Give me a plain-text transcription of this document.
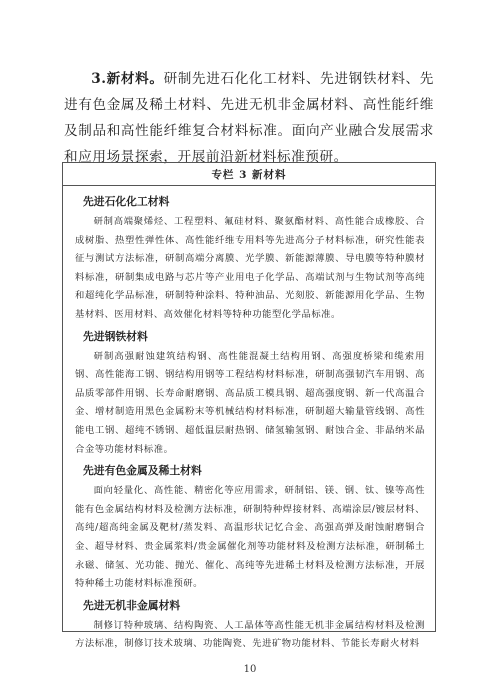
3.新材料。研制先进石化化工材料、先进钢铁材料、先进有色金属及稀土材料、先进无机非金属材料、高性能纤维及制品和高性能纤维复合材料标准。面向产业融合发展需求和应用场景探索，开展前沿新材料标准预研。

专栏 3 新材料
先进石化化工材料

研制高端聚烯烃、工程塑料、氟硅材料、聚氨酯材料、高性能合成橡胶、合成树脂、热塑性弹性体、高性能纤维专用料等先进高分子材料标准，研究性能表征与测试方法标准，研制高端分离膜、光学膜、新能源薄膜、导电膜等特种膜材料标准，研制集成电路与芯片等产业用电子化学品、高端试剂与生物试剂等高纯和超纯化学品标准，研制特种涂料、特种油品、光刻胶、新能源用化学品、生物基材料、医用材料、高效催化材料等特种功能型化学品标准。

先进钢铁材料

研制高强耐蚀建筑结构钢、高性能混凝土结构用钢、高强度桥梁和缆索用钢、高性能海工钢、钢结构用钢等工程结构材料标准，研制高强韧汽车用钢、高品质零部件用钢、长寿命耐磨钢、高品质工模具钢、超高强度钢、新一代高温合金、增材制造用黑色金属粉末等机械结构材料标准，研制超大输量管线钢、高性能电工钢、超纯不锈钢、超低温层耐热钢、储氢输氢钢、耐蚀合金、非晶纳米晶合金等功能材料标准。

先进有色金属及稀土材料

面向轻量化、高性能、精密化等应用需求，研制铝、镁、钢、钛、镍等高性能有色金属结构材料及检测方法标准，研制特种焊接材料、高端涂层/镀层材料、高纯/超高纯金属及靶材/蒸发料、高温形状记忆合金、高强高弹及耐蚀耐磨铜合金、超导材料、贵金属浆料/贵金属催化剂等功能材料及检测方法标准，研制稀土永磁、储氢、光功能、抛光、催化、高纯等先进稀土材料及检测方法标准，开展特种稀土功能材料标准预研。

先进无机非金属材料

制修订特种玻璃、结构陶瓷、人工晶体等高性能无机非金属结构材料及检测方法标准，制修订技术玻璃、功能陶瓷、先进矿物功能材料、节能长寿耐火材料

10
